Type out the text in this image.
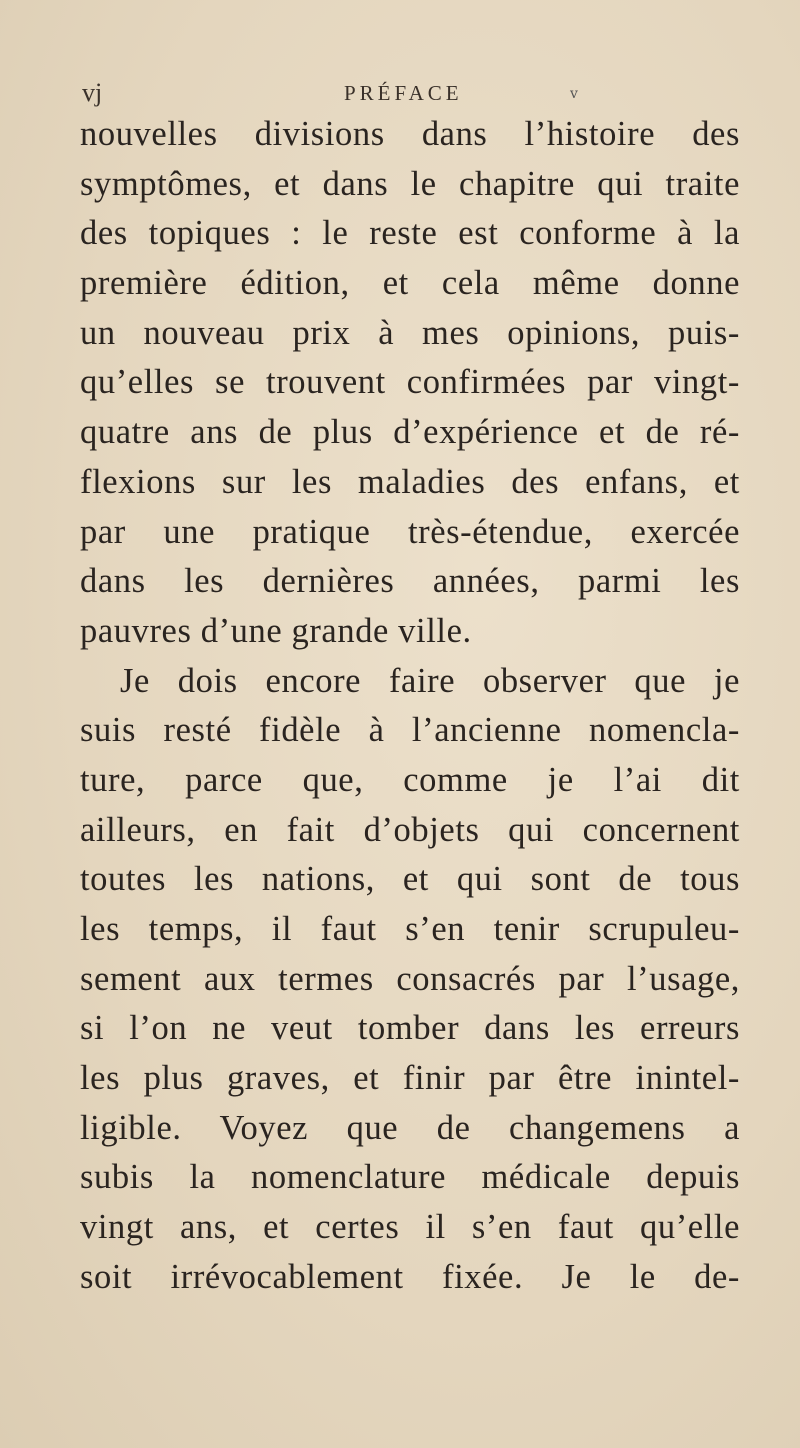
vj	PRÉFACE	v
nouvelles divisions dans l’histoire des
symptômes, et dans le chapitre qui traite
des topiques : le reste est conforme à la
première édition, et cela même donne
un nouveau prix à mes opinions, puis-
qu’elles se trouvent confirmées par vingt-
quatre ans de plus d’expérience et de ré-
flexions sur les maladies des enfans, et
par une pratique très-étendue, exercée
dans les dernières années, parmi les
pauvres d’une grande ville.
Je dois encore faire observer que je
suis resté fidèle à l’ancienne nomencla-
ture, parce que, comme je l’ai dit
ailleurs, en fait d’objets qui concernent
toutes les nations, et qui sont de tous
les temps, il faut s’en tenir scrupuleu-
sement aux termes consacrés par l’usage,
si l’on ne veut tomber dans les erreurs
les plus graves, et finir par être inintel-
ligible. Voyez que de changemens a
subis la nomenclature médicale depuis
vingt ans, et certes il s’en faut qu’elle
soit irrévocablement fixée. Je le de-
